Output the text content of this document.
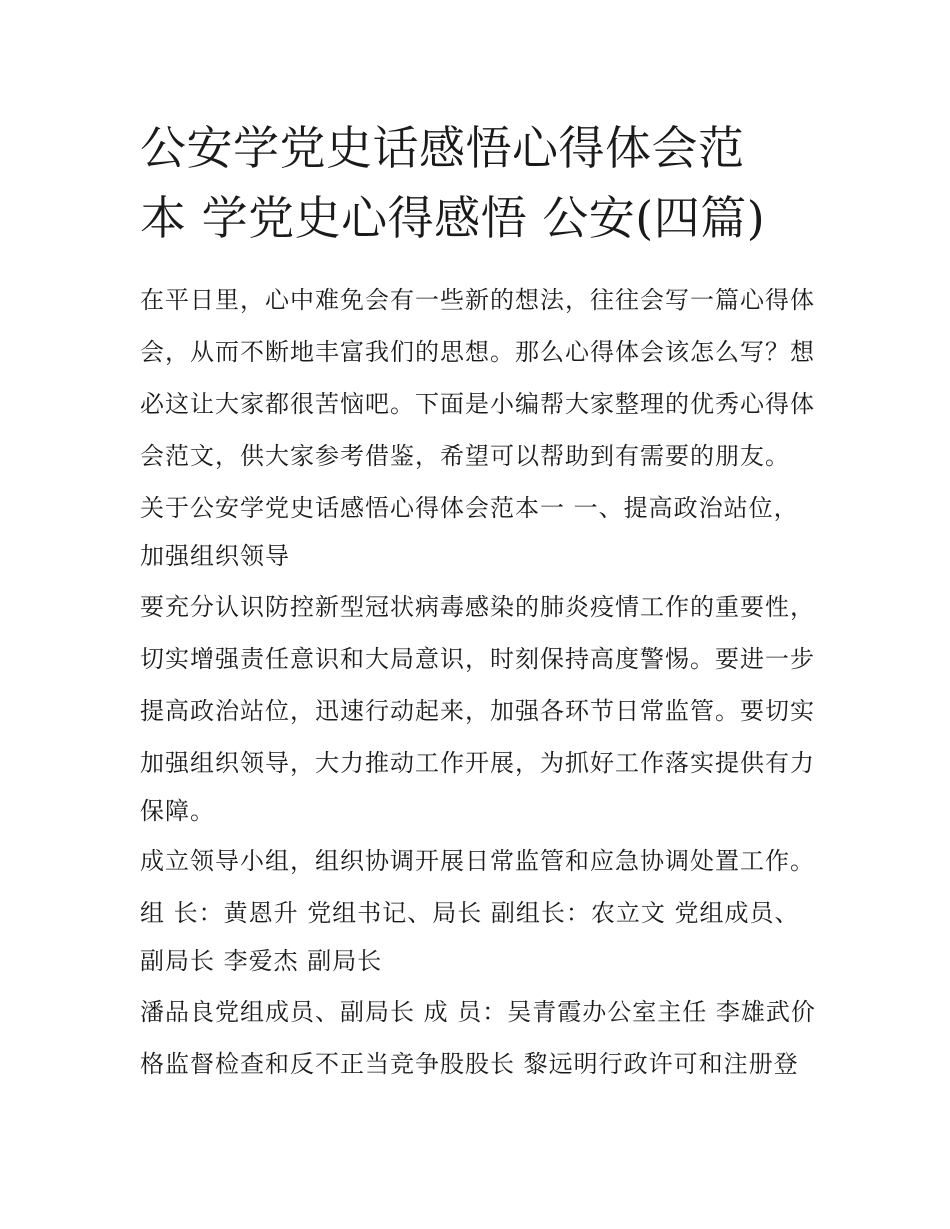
公安学党史话感悟心得体会范
本 学党史心得感悟 公安(四篇)

在平日里，心中难免会有一些新的想法，往往会写一篇心得体

会，从而不断地丰富我们的思想。那么心得体会该怎么写？想

必这让大家都很苦恼吧。下面是小编帮大家整理的优秀心得体

会范文，供大家参考借鉴，希望可以帮助到有需要的朋友。

关于公安学党史话感悟心得体会范本一 一、提高政治站位，

加强组织领导

要充分认识防控新型冠状病毒感染的肺炎疫情工作的重要性，

切实增强责任意识和大局意识，时刻保持高度警惕。要进一步

提高政治站位，迅速行动起来，加强各环节日常监管。要切实

加强组织领导，大力推动工作开展，为抓好工作落实提供有力

保障。

成立领导小组，组织协调开展日常监管和应急协调处置工作。

组 长：黄恩升 党组书记、局长 副组长：农立文 党组成员、

副局长 李爱杰 副局长

潘品良党组成员、副局长 成 员：吴青霞办公室主任 李雄武价

格监督检查和反不正当竞争股股长 黎远明行政许可和注册登
